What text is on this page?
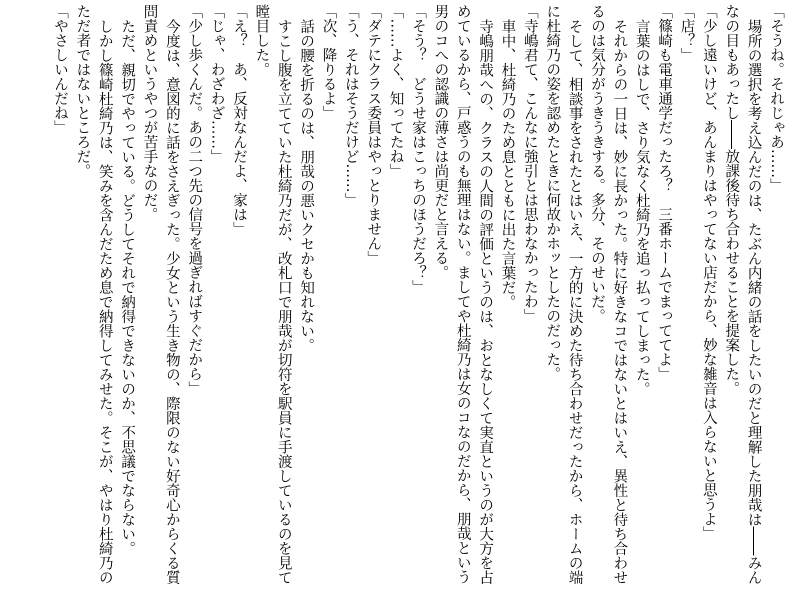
「そうね。それじゃあ……」
場所の選択を考え込んだのは、たぶん内緒の話をしたいのだと理解した朋哉は――みん
なの目もあったし――放課後待ち合わせることを提案した。
「少し遠いけど、あんまりはやってない店だから、妙な雑音は入らないと思うよ」
「店？」
「篠崎も電車通学だったろ？　三番ホームでまっててよ」
言葉のはしで、さり気なく杜綺乃を追っ払ってしまった。
それからの一日は、妙に長かった。特に好きなコではないとはいえ、異性と待ち合わせ
るのは気分がうきうきする。多分、そのせいだ。
そして、相談事をされたとはいえ、一方的に決めた待ち合わせだったから、ホームの端
に杜綺乃の姿を認めたときに何故かホッとしたのだった。
「寺嶋君て、こんなに強引とは思わなかったわ」
車中、杜綺乃のため息とともに出た言葉だ。
寺嶋朋哉への、クラスの人間の評価というのは、おとなしくて実直というのが大方を占
めているから、戸惑うのも無理はない。ましてや杜綺乃は女のコなのだから、朋哉という
男のコへの認識の薄さは尚更だと言える。
「そう？　どうせ家はこっちのほうだろ？」
「……よく、知ってたね」
「ダテにクラス委員はやっとりません」
「う、それはそうだけど……」
「次、降りるよ」
話の腰を折るのは、朋哉の悪いクセかも知れない。
すこし腹を立てていた杜綺乃だが、改札口で朋哉が切符を駅員に手渡しているのを見て
瞠目した。
「え？　あ、反対なんだよ、家は」
「じゃ、わざわざ……」
「少し歩くんだ。あの二つ先の信号を過ぎればすぐだから」
今度は、意図的に話をさえぎった。少女という生き物の、際限のない好奇心からくる質
問責めというやつが苦手なのだ。
ただ、親切でやっている。どうしてそれで納得できないのか、不思議でならない。
しかし篠崎杜綺乃は、笑みを含んだため息で納得してみせた。そこが、やはり杜綺乃の
ただ者ではないところだ。
「やさしいんだね」
